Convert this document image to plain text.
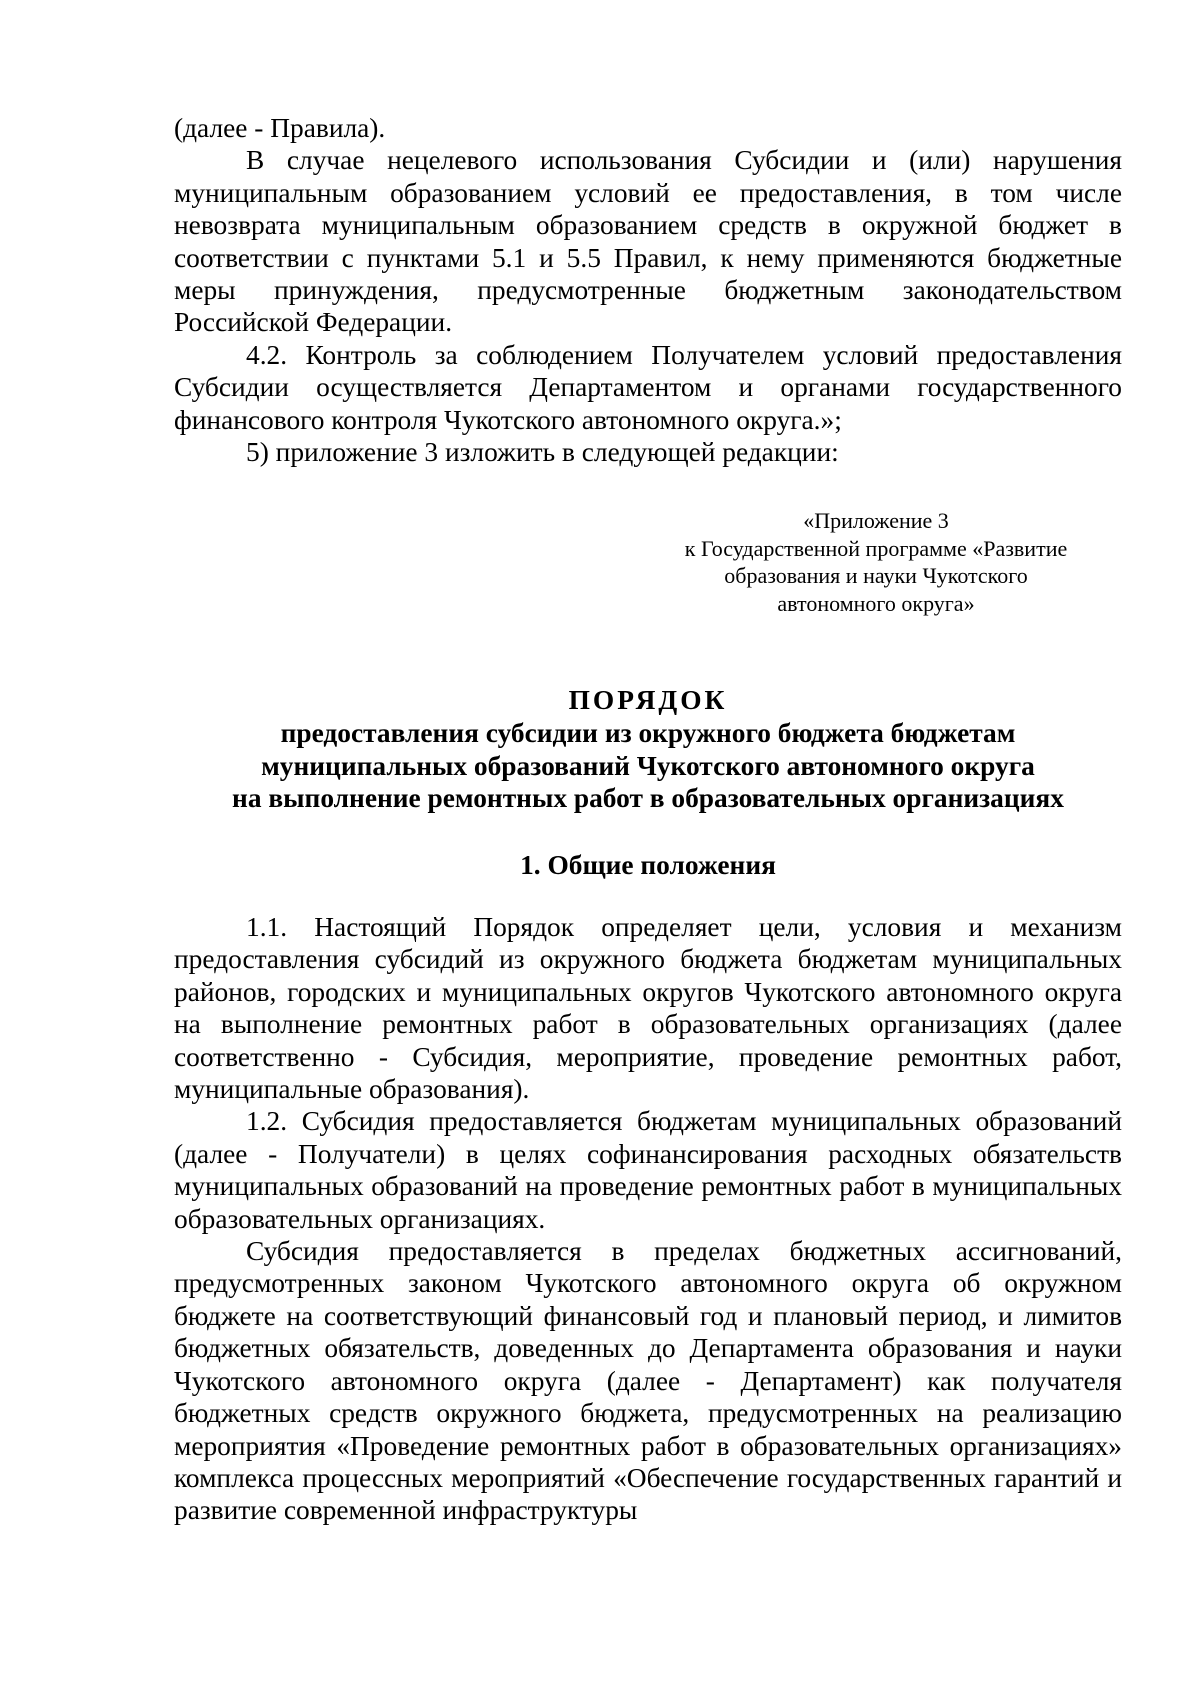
(далее - Правила).

В случае нецелевого использования Субсидии и (или) нарушения муниципальным образованием условий ее предоставления, в том числе невозврата муниципальным образованием средств в окружной бюджет в соответствии с пунктами 5.1 и 5.5 Правил, к нему применяются бюджетные меры принуждения, предусмотренные бюджетным законодательством Российской Федерации.

4.2. Контроль за соблюдением Получателем условий предоставления Субсидии осуществляется Департаментом и органами государственного финансового контроля Чукотского автономного округа.»;

5) приложение 3 изложить в следующей редакции:

«Приложение 3
к Государственной программе «Развитие
образования и науки Чукотского
автономного округа»
ПОРЯДОК
предоставления субсидии из окружного бюджета бюджетам
муниципальных образований Чукотского автономного округа
на выполнение ремонтных работ в образовательных организациях
1. Общие положения

1.1. Настоящий Порядок определяет цели, условия и механизм предоставления субсидий из окружного бюджета бюджетам муниципальных районов, городских и муниципальных округов Чукотского автономного округа на выполнение ремонтных работ в образовательных организациях (далее соответственно - Субсидия, мероприятие, проведение ремонтных работ, муниципальные образования).

1.2. Субсидия предоставляется бюджетам муниципальных образований (далее - Получатели) в целях софинансирования расходных обязательств муниципальных образований на проведение ремонтных работ в муниципальных образовательных организациях.

Субсидия предоставляется в пределах бюджетных ассигнований, предусмотренных законом Чукотского автономного округа об окружном бюджете на соответствующий финансовый год и плановый период, и лимитов бюджетных обязательств, доведенных до Департамента образования и науки Чукотского автономного округа (далее - Департамент) как получателя бюджетных средств окружного бюджета, предусмотренных на реализацию мероприятия «Проведение ремонтных работ в образовательных организациях» комплекса процессных мероприятий «Обеспечение государственных гарантий и развитие современной инфраструктуры
